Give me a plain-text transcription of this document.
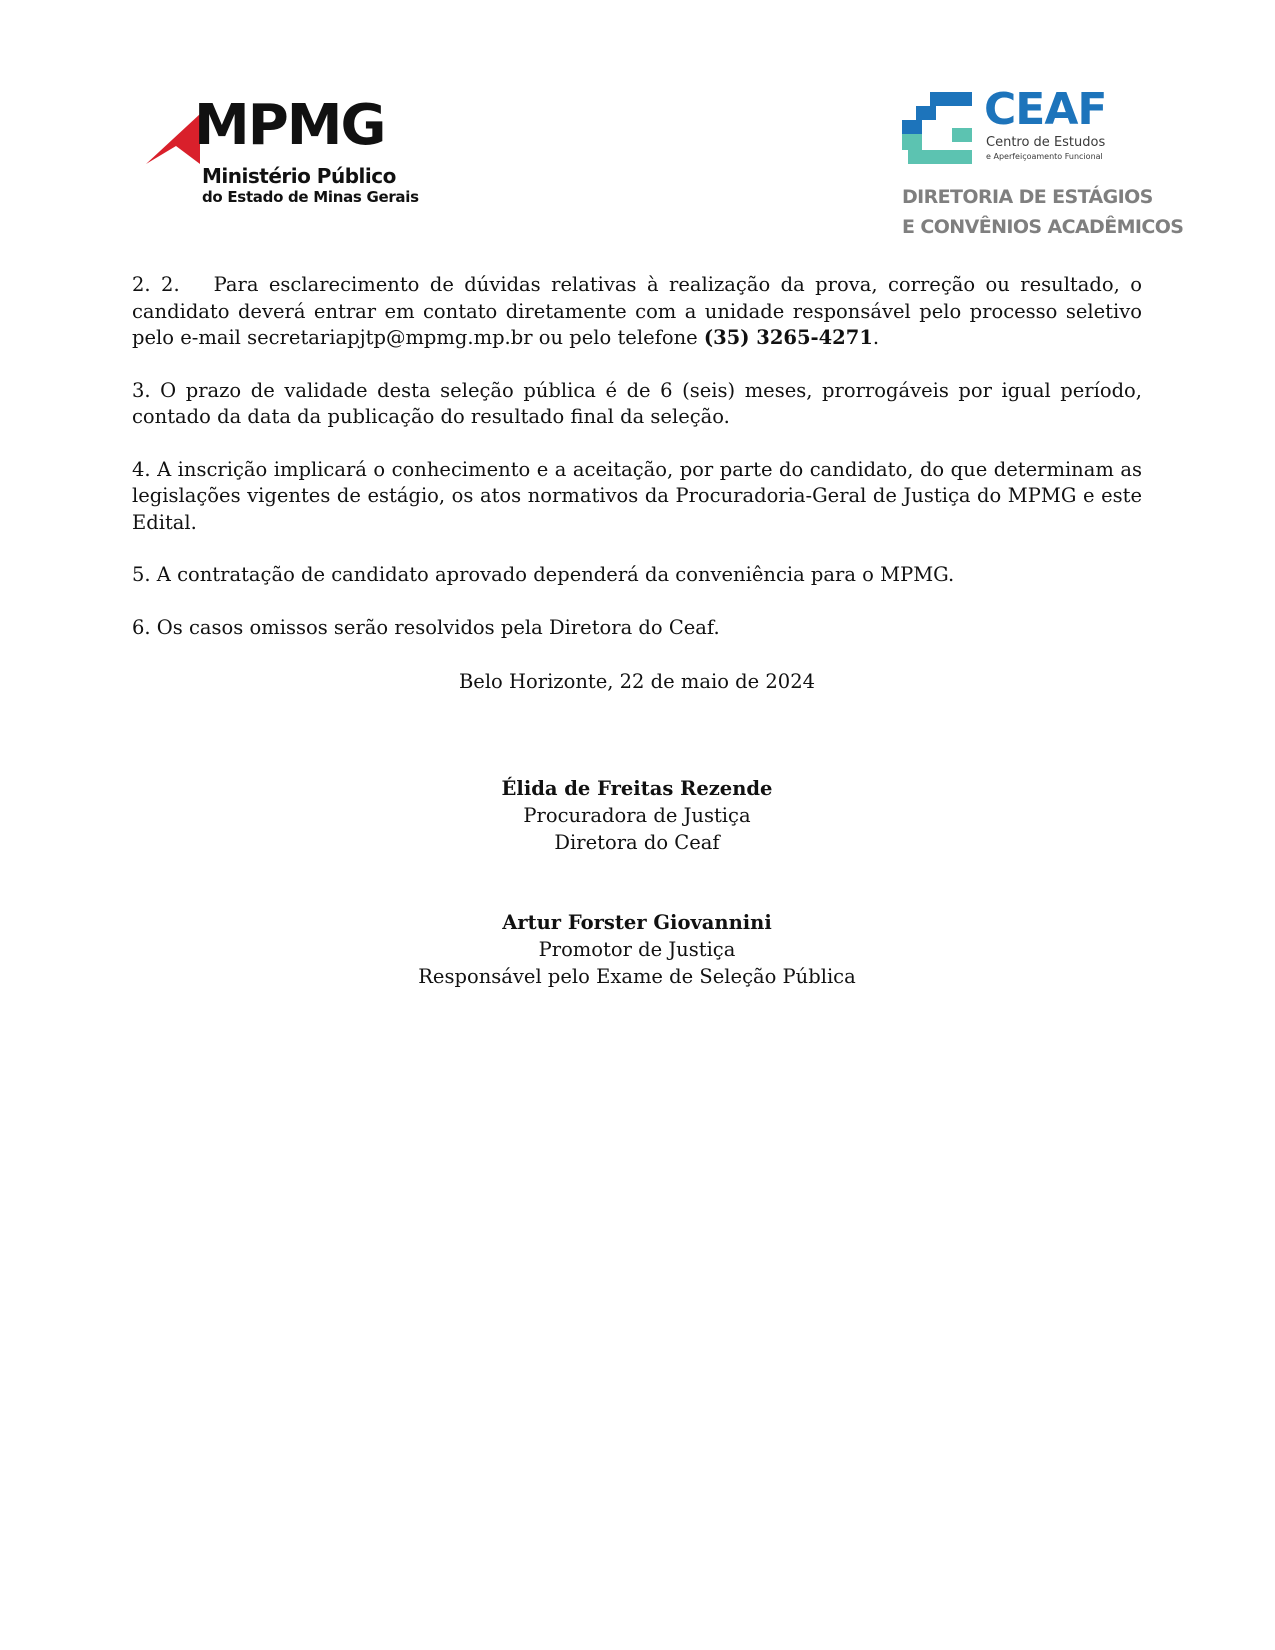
MPMG
Ministério Público
do Estado de Minas Gerais
CEAF
Centro de Estudos
e Aperfeiçoamento Funcional
DIRETORIA DE ESTÁGIOS
E CONVÊNIOS ACADÊMICOS

2. 2. Para esclarecimento de dúvidas relativas à realização da prova, correção ou resultado, o candidato deverá entrar em contato diretamente com a unidade responsável pelo processo seletivo pelo e-mail secretariapjtp@mpmg.mp.br ou pelo telefone (35) 3265-4271.

3. O prazo de validade desta seleção pública é de 6 (seis) meses, prorrogáveis por igual período, contado da data da publicação do resultado final da seleção.

4. A inscrição implicará o conhecimento e a aceitação, por parte do candidato, do que determinam as legislações vigentes de estágio, os atos normativos da Procuradoria-Geral de Justiça do MPMG e este Edital.

5. A contratação de candidato aprovado dependerá da conveniência para o MPMG.

6. Os casos omissos serão resolvidos pela Diretora do Ceaf.

Belo Horizonte, 22 de maio de 2024
Élida de Freitas Rezende
Procuradora de Justiça
Diretora do Ceaf
Artur Forster Giovannini
Promotor de Justiça
Responsável pelo Exame de Seleção Pública
